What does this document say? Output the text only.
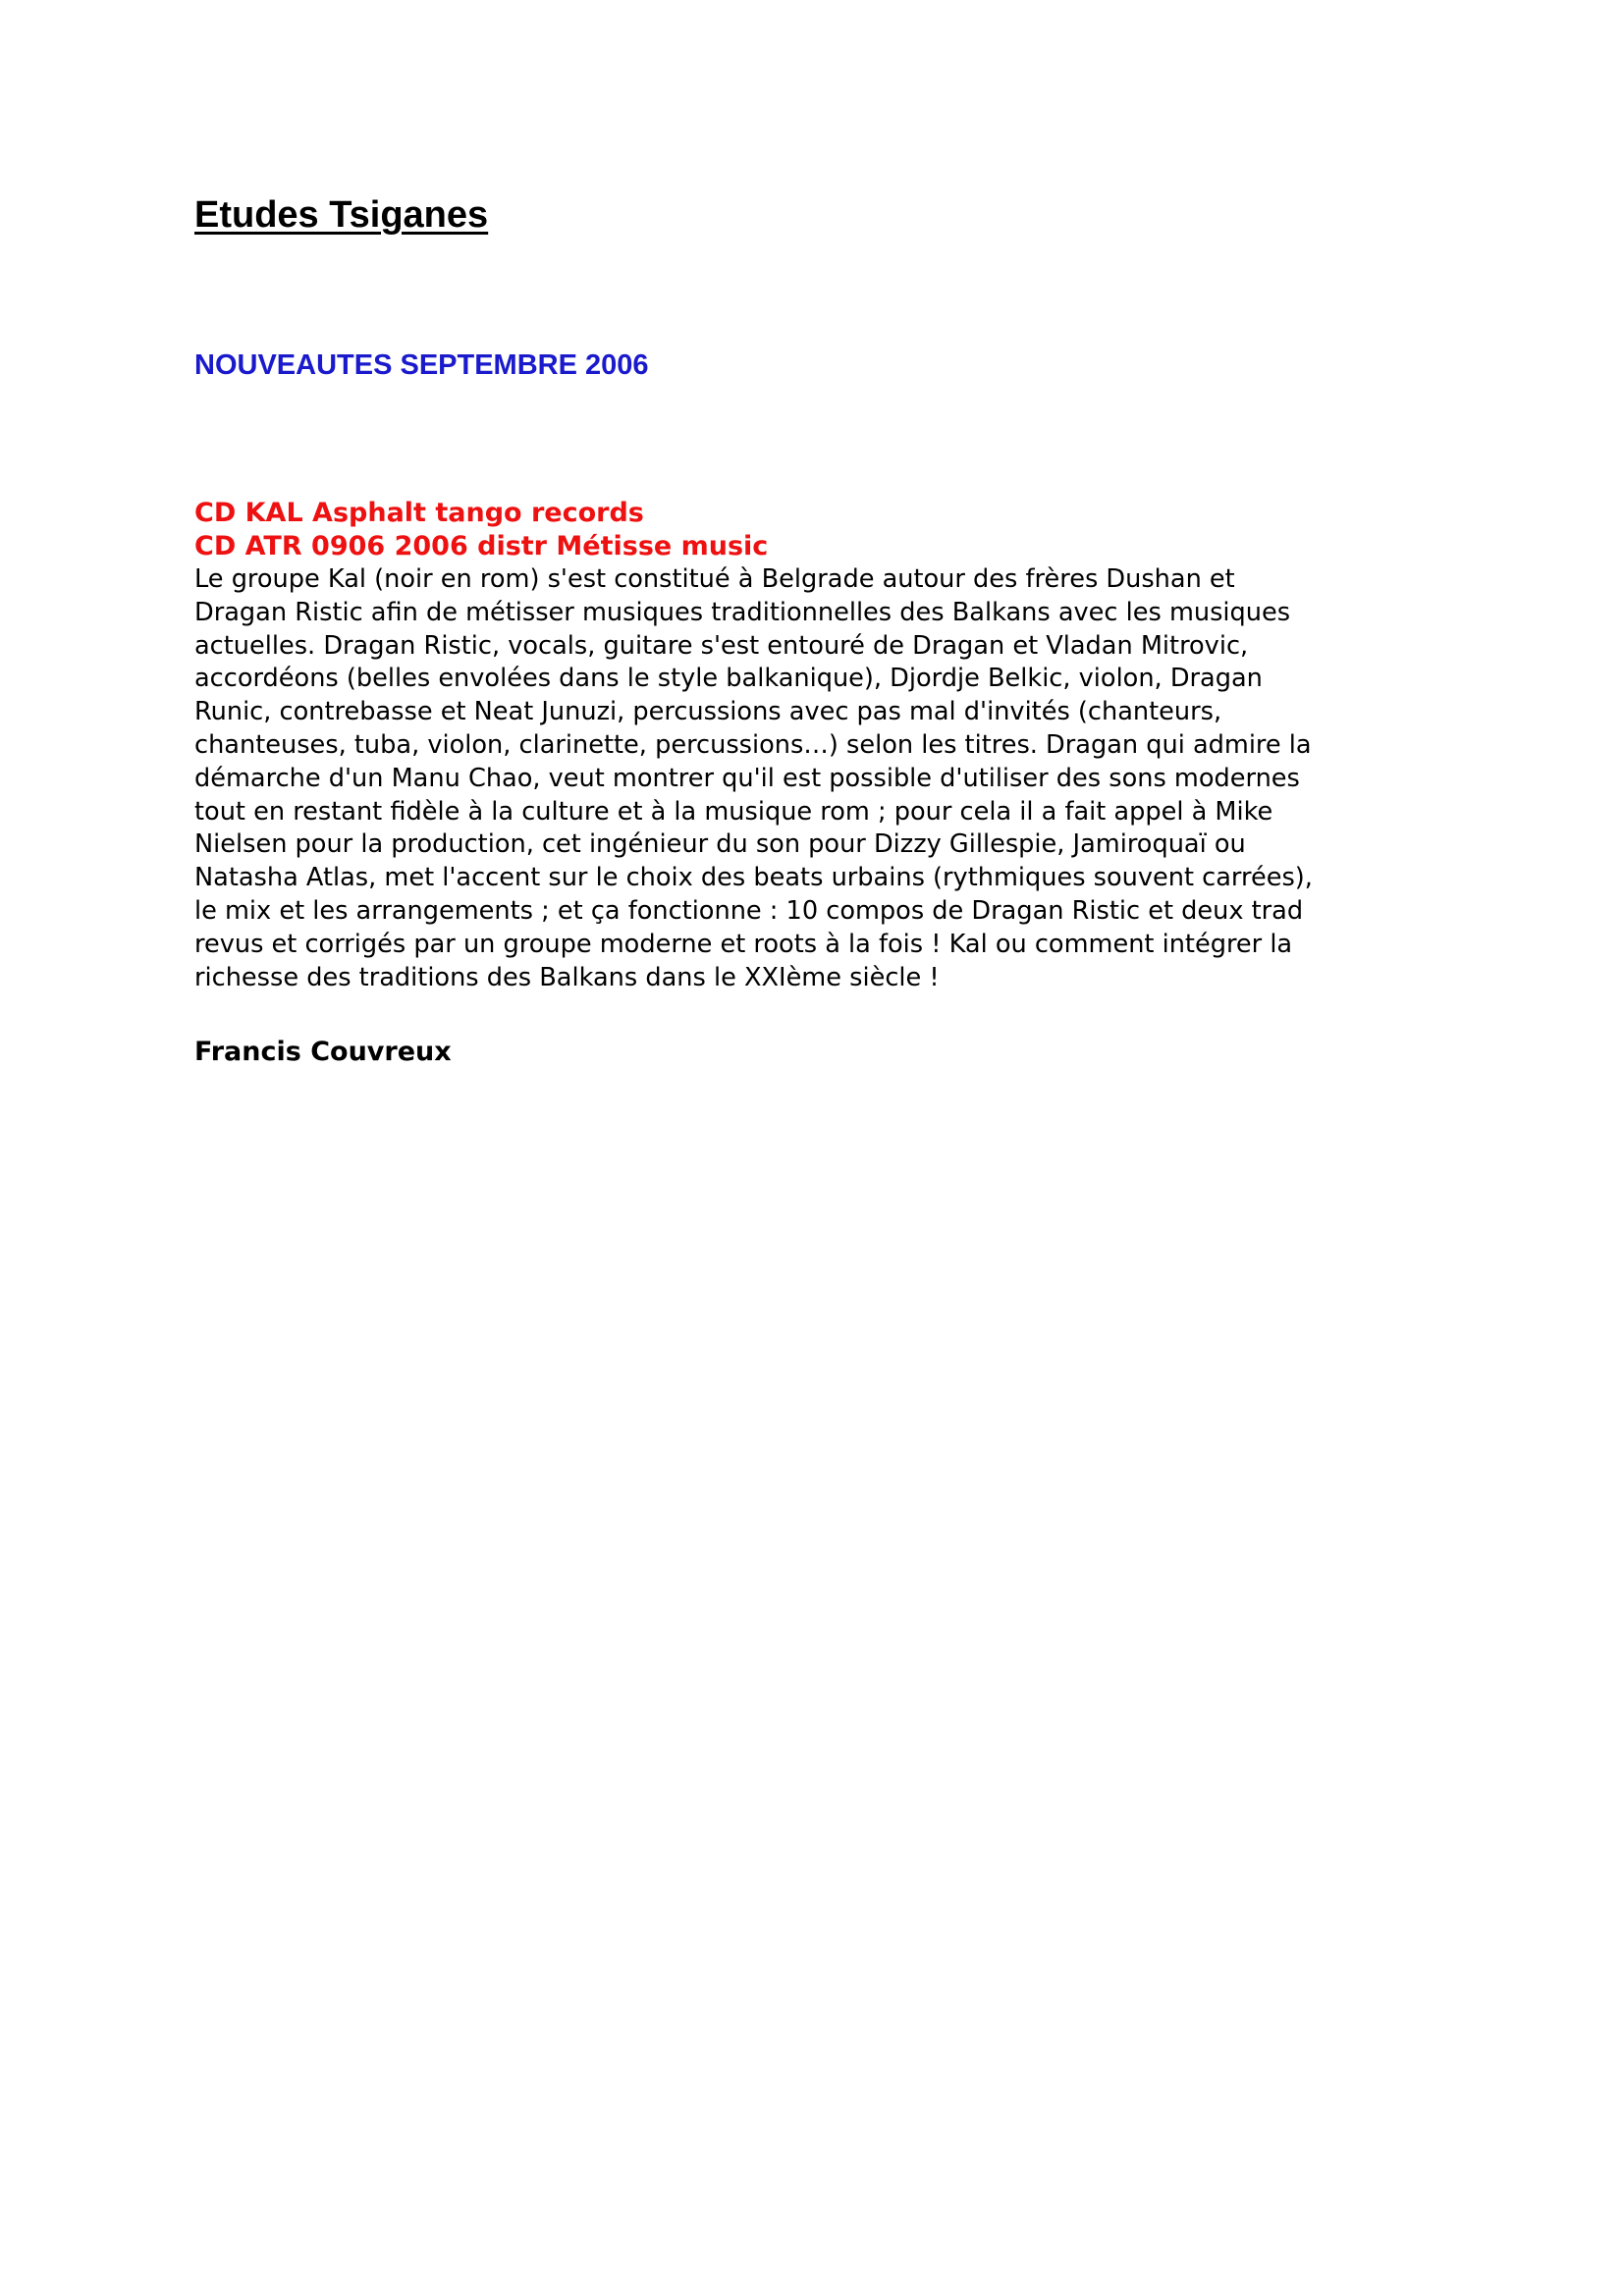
Etudes Tsiganes
NOUVEAUTES SEPTEMBRE 2006

CD KAL Asphalt tango records

CD ATR 0906 2006 distr Métisse music

Le groupe Kal (noir en rom) s'est constitué à Belgrade autour des frères Dushan et
Dragan Ristic afin de métisser musiques traditionnelles des Balkans avec les musiques
actuelles. Dragan Ristic, vocals, guitare s'est entouré de Dragan et Vladan Mitrovic,
accordéons (belles envolées dans le style balkanique), Djordje Belkic, violon, Dragan
Runic, contrebasse et Neat Junuzi, percussions avec pas mal d'invités (chanteurs,
chanteuses, tuba, violon, clarinette, percussions…) selon les titres. Dragan qui admire la
démarche d'un Manu Chao, veut montrer qu'il est possible d'utiliser des sons modernes
tout en restant fidèle à la culture et à la musique rom ; pour cela il a fait appel à Mike
Nielsen pour la production, cet ingénieur du son pour Dizzy Gillespie, Jamiroquaï ou
Natasha Atlas, met l'accent sur le choix des beats urbains (rythmiques souvent carrées),
le mix et les arrangements ; et ça fonctionne : 10 compos de Dragan Ristic et deux trad
revus et corrigés par un groupe moderne et roots à la fois ! Kal ou comment intégrer la
richesse des traditions des Balkans dans le XXIème siècle !

Francis Couvreux
